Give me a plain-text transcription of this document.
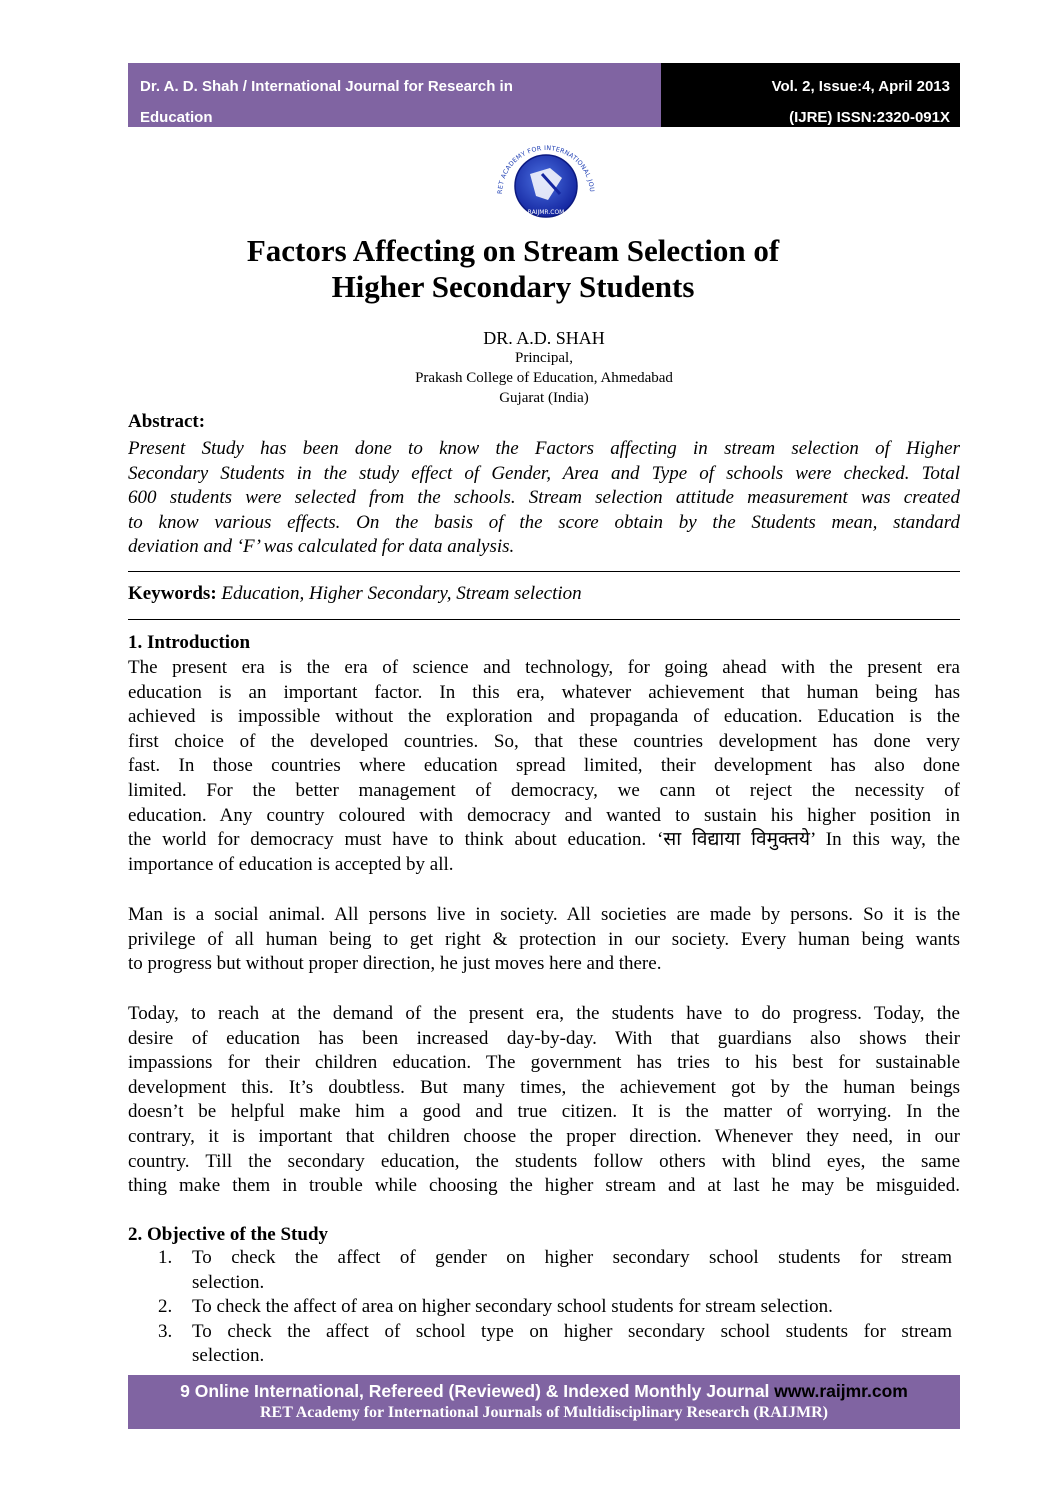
Dr. A. D. Shah / International Journal for Research in
Education
Vol. 2, Issue:4, April 2013
(IJRE) ISSN:2320-091X
RET ACADEMY FOR INTERNATIONAL JOU
RAIJMR.COM
Factors Affecting on Stream Selection of
Higher Secondary Students
DR. A.D. SHAH
Principal,
Prakash College of Education, Ahmedabad
Gujarat (India)
Abstract:
Present Study has been done to know the Factors affecting in stream selection of Higher
Secondary Students in the study effect of Gender, Area and Type of schools were checked. Total
600 students were selected from the schools. Stream selection attitude measurement was created
to know various effects. On the basis of the score obtain by the Students mean, standard
deviation and ‘F’ was calculated for data analysis.
Keywords: Education, Higher Secondary, Stream selection
1. Introduction
The present era is the era of science and technology, for going ahead with the present era
education is an important factor. In this era, whatever achievement that human being has
achieved is impossible without the exploration and propaganda of education. Education is the
first choice of the developed countries. So, that these countries development has done very
fast. In those countries where education spread limited, their development has also done
limited. For the better management of democracy, we cann ot reject the necessity of
education. Any country coloured with democracy and wanted to sustain his higher position in
the world for democracy must have to think about education. ‘सा विद्याया विमुक्तये’ In this way, the
importance of education is accepted by all.
Man is a social animal. All persons live in society. All societies are made by persons. So it is the
privilege of all human being to get right & protection in our society. Every human being wants
to progress but without proper direction, he just moves here and there.
Today, to reach at the demand of the present era, the students have to do progress. Today, the
desire of education has been increased day-by-day. With that guardians also shows their
impassions for their children education. The government has tries to his best for sustainable
development this. It’s doubtless. But many times, the achievement got by the human beings
doesn’t be helpful make him a good and true citizen. It is the matter of worrying. In the
contrary, it is important that children choose the proper direction. Whenever they need, in our
country. Till the secondary education, the students follow others with blind eyes, the same
thing make them in trouble while choosing the higher stream and at last he may be misguided.
2. Objective of the Study
1. To check the affect of gender on higher secondary school students for stream
selection.
2. To check the affect of area on higher secondary school students for stream selection.
3. To check the affect of school type on higher secondary school students for stream
selection.
9 Online International, Refereed (Reviewed) & Indexed Monthly Journal www.raijmr.com
RET Academy for International Journals of Multidisciplinary Research (RAIJMR)
